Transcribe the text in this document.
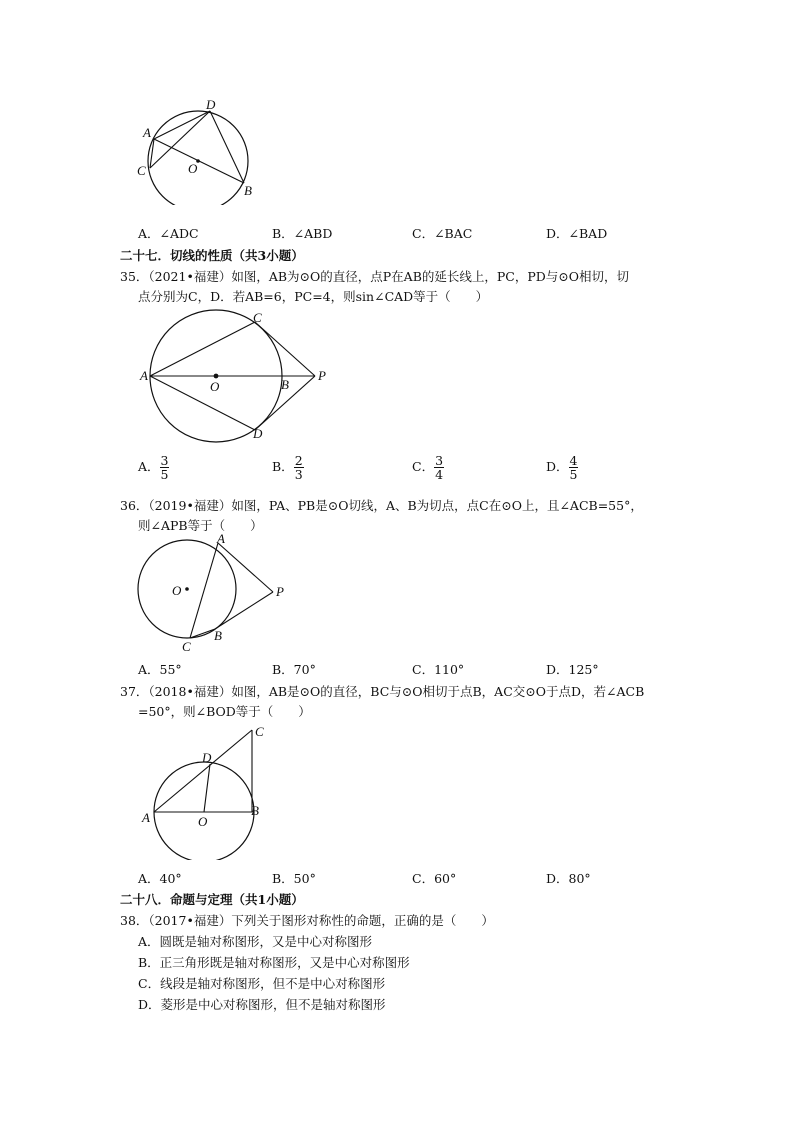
D
A
C	O
B
A．∠ADC	B．∠ABD	C．∠BAC	D．∠BAD
二十七．切线的性质（共3小题）
35．（2021•福建）如图，AB为⊙O的直径，点P在AB的延长线上，PC，PD与⊙O相切，切
点分别为C，D．若AB=6，PC=4，则sin∠CAD等于（　　）
C
A
O	B
P
D
A． $\frac{3}{5}$	B． $\frac{2}{3}$	C． $\frac{3}{4}$	D． $\frac{4}{5}$
36．（2019•福建）如图，PA、PB是⊙O切线，A、B为切点，点C在⊙O上，且∠ACB=55°，
则∠APB等于（　　）
A
O	P
B
C
A．55°	B．70°	C．110°	D．125°
37．（2018•福建）如图，AB是⊙O的直径，BC与⊙O相切于点B，AC交⊙O于点D，若∠ACB
=50°，则∠BOD等于（　　）
C
D
A	O
B
A．40°	B．50°	C．60°	D．80°
二十八．命题与定理（共1小题）
38．（2017•福建）下列关于图形对称性的命题，正确的是（　　）
A．圆既是轴对称图形，又是中心对称图形
B．正三角形既是轴对称图形，又是中心对称图形
C．线段是轴对称图形，但不是中心对称图形
D．菱形是中心对称图形，但不是轴对称图形
